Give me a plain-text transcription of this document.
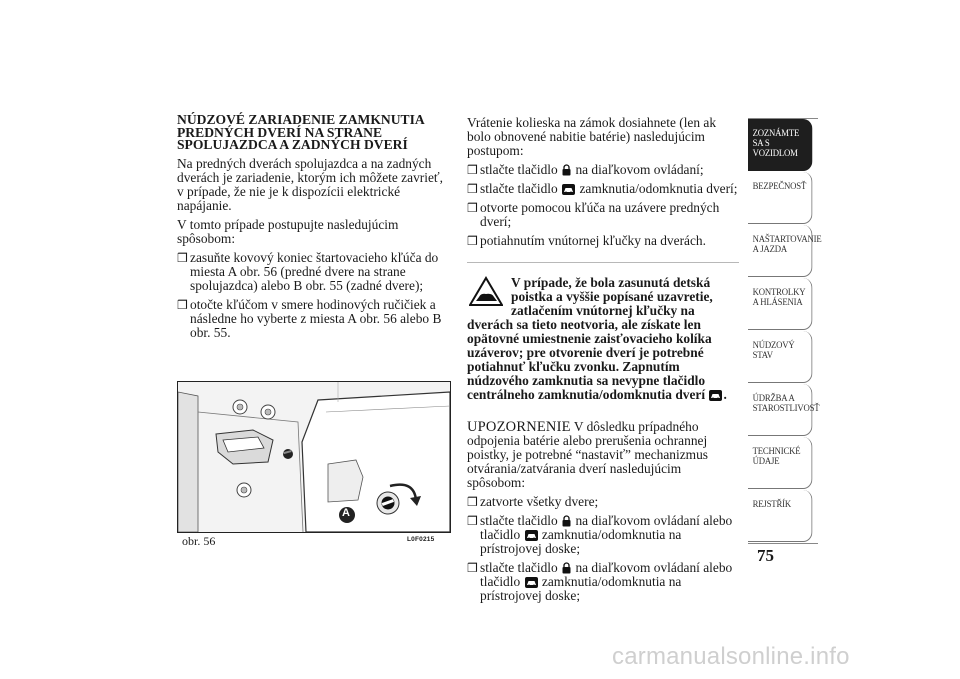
NÚDZOVÉ ZARIADENIE ZAMKNUTIA PREDNÝCH DVERÍ NA STRANE SPOLUJAZDCA A ZADNÝCH DVERÍ

Na predných dverách spolujazdca a na zadných dverách je zariadenie, ktorým ich môžete zavrieť, v prípade, že nie je k dispozícii elektrické napájanie.

V tomto prípade postupujte nasledujúcim spôsobom:

❒ zasuňte kovový koniec štartovacieho kľúča do miesta A obr. 56 (predné dvere na strane spolujazdca) alebo B obr. 55 (zadné dvere);
❒ otočte kľúčom v smere hodinových ručičiek a následne ho vyberte z miesta A obr. 56 alebo B obr. 55.
A
obr. 56	L0F0215

Vrátenie kolieska na zámok dosiahnete (len ak bolo obnovené nabitie batérie) nasledujúcim postupom:

❒ stlačte tlačidlo na diaľkovom ovládaní;
❒ stlačte tlačidlo zamknutia/odomknutia dverí;
❒ otvorte pomocou kľúča na uzávere predných dverí;
❒ potiahnutím vnútornej kľučky na dverách.
V prípade, že bola zasunutá detská poistka a vyššie popísané uzavretie, zatlačením vnútornej kľučky na dverách sa tieto neotvoria, ale získate len opätovné umiestnenie zaisťovacieho kolíka uzáverov; pre otvorenie dverí je potrebné potiahnuť kľučku zvonku. Zapnutím núdzového zamknutia sa nevypne tlačidlo centrálneho zamknutia/odomknutia dverí .

UPOZORNENIE V dôsledku prípadného odpojenia batérie alebo prerušenia ochrannej poistky, je potrebné “nastaviť” mechanizmus otvárania/zatvárania dverí nasledujúcim spôsobom:

❒ zatvorte všetky dvere;
❒ stlačte tlačidlo na diaľkovom ovládaní alebo tlačidlo zamknutia/odomknutia na prístrojovej doske;
❒ stlačte tlačidlo na diaľkovom ovládaní alebo tlačidlo zamknutia/odomknutia na prístrojovej doske;
ZOZNÁMTE SA S VOZIDLOM
BEZPEČNOSŤ
NAŠTARTOVANIE A JAZDA
KONTROLKY A HLÁSENIA
NÚDZOVÝ STAV
ÚDRŽBA A STAROSTLIVOSŤ
TECHNICKÉ ÚDAJE
REJSTŘÍK
75
carmanualsonline.info
